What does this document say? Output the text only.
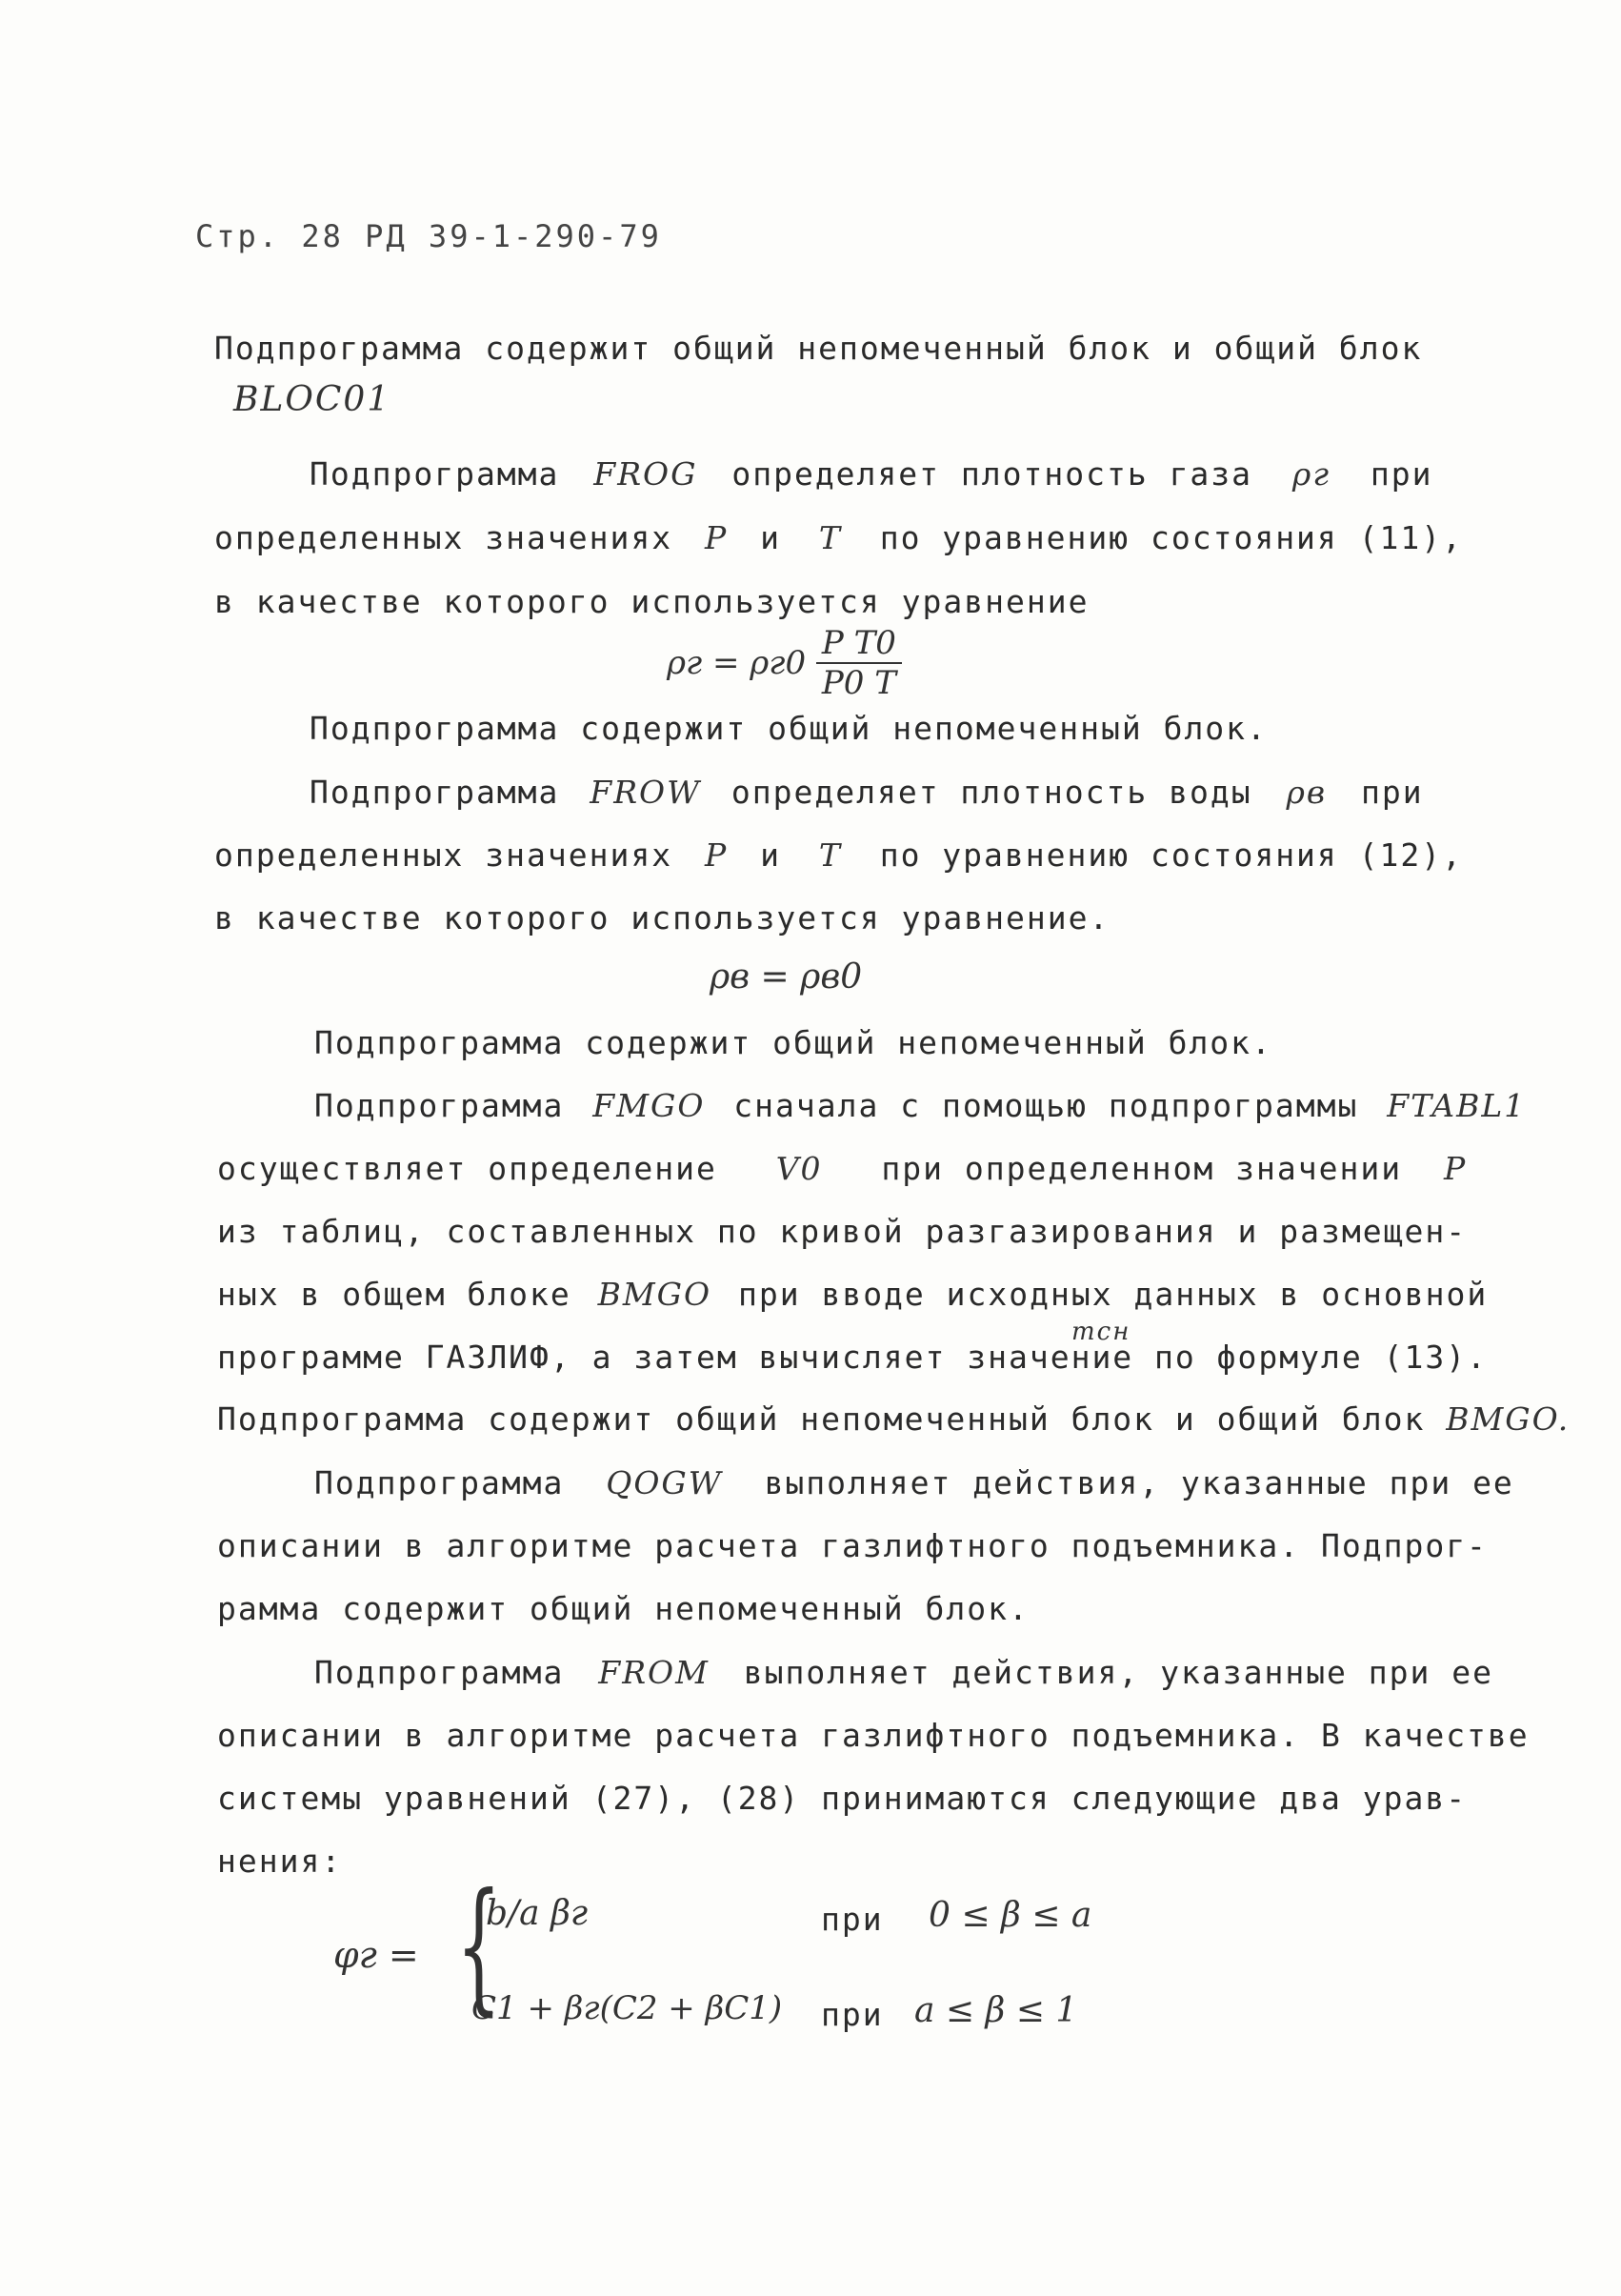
Стр. 28 РД 39-1-290-79
Подпрограмма содержит общий непомеченный блок и общий блок
BLOC01
Подпрограмма FROG определяет плотность газа ρг при
определенных значениях P и T по уравнению состояния (11),
в качестве которого используется уравнение
$\rho г = \rho г0 \frac{\text{P T0}}{P0 T}$
Подпрограмма содержит общий непомеченный блок.
Подпрограмма FROW определяет плотность воды ρв при
определенных значениях P и T по уравнению состояния (12),
в качестве которого используется уравнение.
ρв = ρв0
Подпрограмма содержит общий непомеченный блок.
Подпрограмма FMGO сначала с помощью подпрограммы FTABL1
осуществляет определение V0 при определенном значении P
из таблиц, составленных по кривой разгазирования и размещен-
ных в общем блоке BMGO при вводе исходных данных в основной
mсн
программе ГАЗЛИФ, а затем вычисляет значение по формуле (13).
Подпрограмма содержит общий непомеченный блок и общий блок BMGO.
Подпрограмма QOGW выполняет действия, указанные при ее
описании в алгоритме расчета газлифтного подъемника. Подпрог-
рамма содержит общий непомеченный блок.
Подпрограмма FROM выполняет действия, указанные при ее
описании в алгоритме расчета газлифтного подъемника. В качестве
системы уравнений (27), (28) принимаются следующие два урав-
нения:
φг = {
b/a βг	при 0 ≤ β ≤ a
C1 + βг(C2 + βC1) при a ≤ β ≤ 1
